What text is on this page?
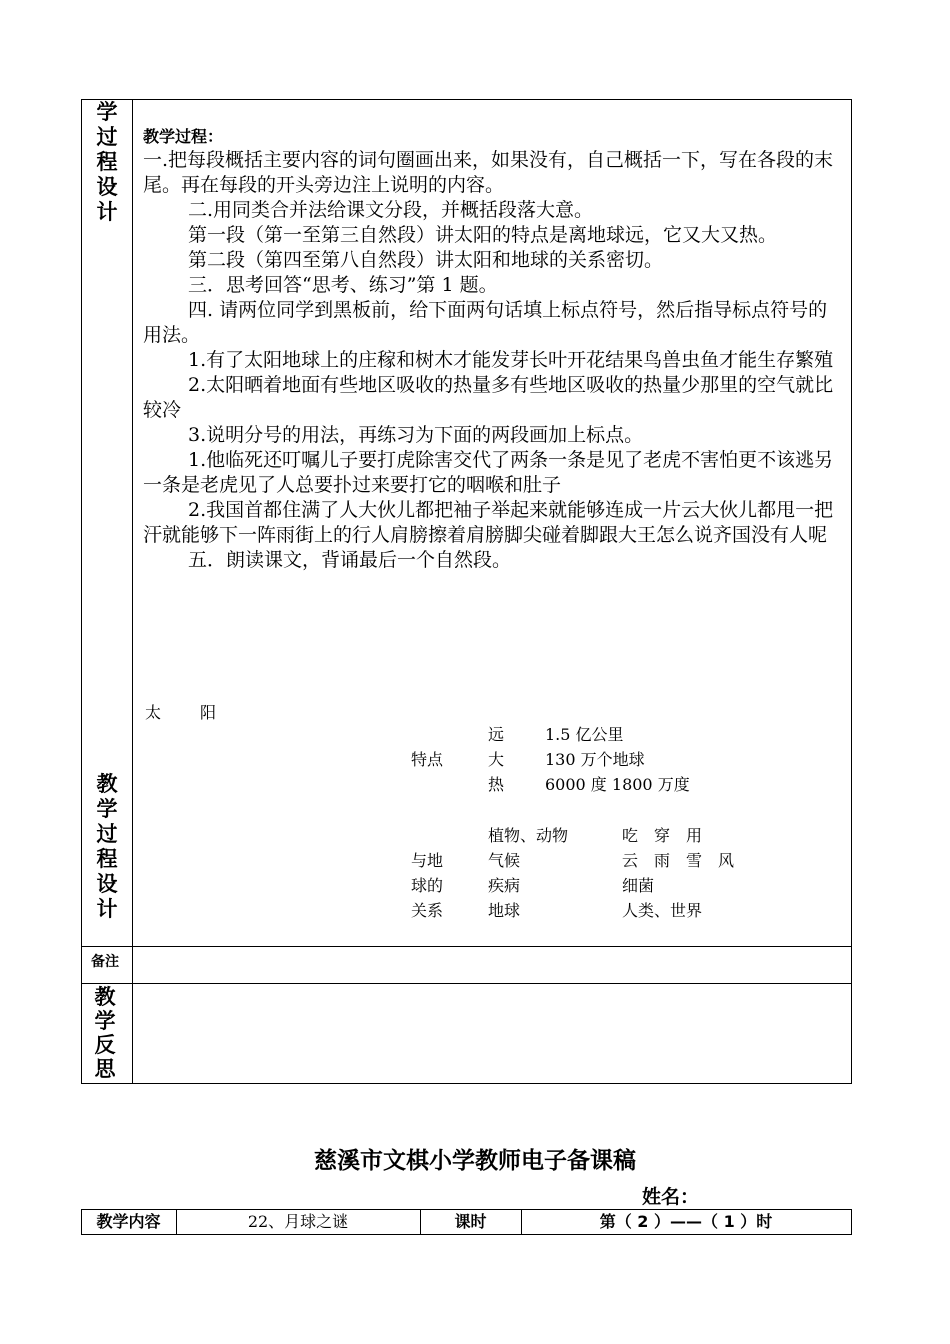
学
过
程
设
计
教
学
过
程
设
计
教学过程：

一.把每段概括主要内容的词句圈画出来，如果没有，自己概括一下，写在各段的末尾。再在每段的开头旁边注上说明的内容。

二.用同类合并法给课文分段，并概括段落大意。

第一段（第一至第三自然段）讲太阳的特点是离地球远，它又大又热。

第二段（第四至第八自然段）讲太阳和地球的关系密切。

三．思考回答“思考、练习”第 1 题。

四. 请两位同学到黑板前，给下面两句话填上标点符号，然后指导标点符号的用法。

1.有了太阳地球上的庄稼和树木才能发芽长叶开花结果鸟兽虫鱼才能生存繁殖

2.太阳晒着地面有些地区吸收的热量多有些地区吸收的热量少那里的空气就比较冷

3.说明分号的用法，再练习为下面的两段画加上标点。

1.他临死还叮嘱儿子要打虎除害交代了两条一条是见了老虎不害怕更不该逃另一条是老虎见了人总要扑过来要打它的咽喉和肚子

2.我国首都住满了人大伙儿都把袖子举起来就能够连成一片云大伙儿都甩一把汗就能够下一阵雨街上的行人肩膀擦着肩膀脚尖碰着脚跟大王怎么说齐国没有人呢

五．朗读课文，背诵最后一个自然段。

太 阳
特点
远	1.5 亿公里
大	130 万个地球
热	6000 度 1800 万度
与地
球的
关系
植物、动物	吃　穿　用
气候	云　雨　雪　风
疾病	细菌
地球	人类、世界
备注
教
学
反
思
慈溪市文棋小学教师电子备课稿
姓名：
教学内容	22、月球之谜	课时	第（ 2 ）——（ 1 ）时
